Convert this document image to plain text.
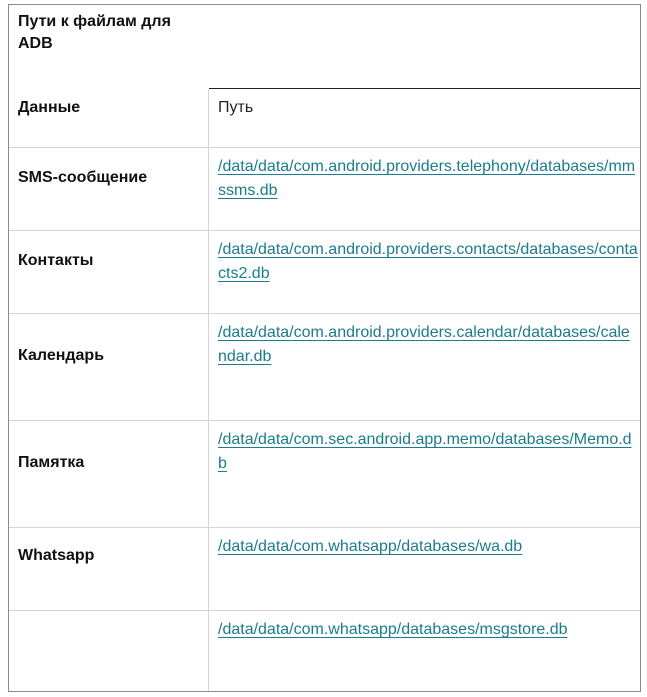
Пути к файлам для ADB
Данные	Путь
SMS-сообщение
/data/data/com.android.providers.telephony/databases/mmssms.db
Контакты
/data/data/com.android.providers.contacts/databases/contacts2.db
Календарь
/data/data/com.android.providers.calendar/databases/calendar.db
Памятка
/data/data/com.sec.android.app.memo/databases/Memo.db
Whatsapp
/data/data/com.whatsapp/databases/wa.db
/data/data/com.whatsapp/databases/msgstore.db
